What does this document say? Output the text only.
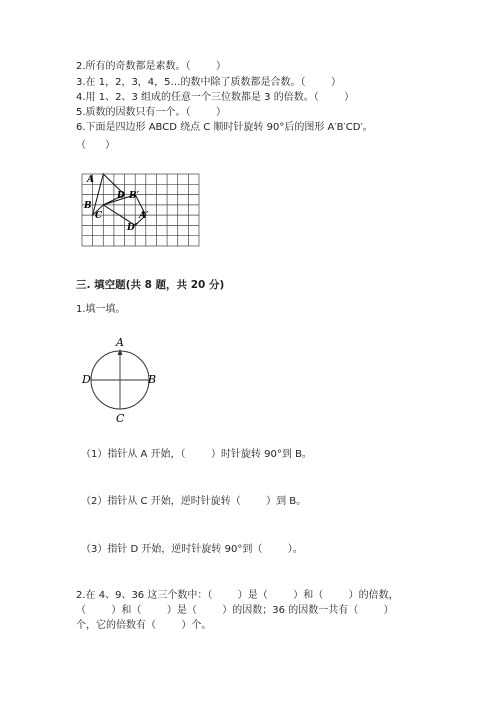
2.所有的奇数都是素数。（        ）
3.在 1，2，3，4，5…的数中除了质数都是合数。（        ）
4.用 1、2、3 组成的任意一个三位数都是 3 的倍数。（        ）
5.质数的因数只有一个。（        ）
6.下面是四边形 ABCD 绕点 C 顺时针旋转 90°后的图形 A′B′CD′。
（      ）
A
B
C
D B′
A′
D′
三. 填空题(共 8 题，共 20 分)
1.填一填。
A
B
C
D
（1）指针从 A 开始，（        ）时针旋转 90°到 B。
（2）指针从 C 开始，逆时针旋转（        ）到 B。
（3）指针 D 开始，逆时针旋转 90°到（        ）。
2.在 4、9、36 这三个数中：（        ）是（        ）和（        ）的倍数，
（        ）和（        ）是（        ）的因数；36 的因数一共有（        ）
个，它的倍数有（        ）个。
